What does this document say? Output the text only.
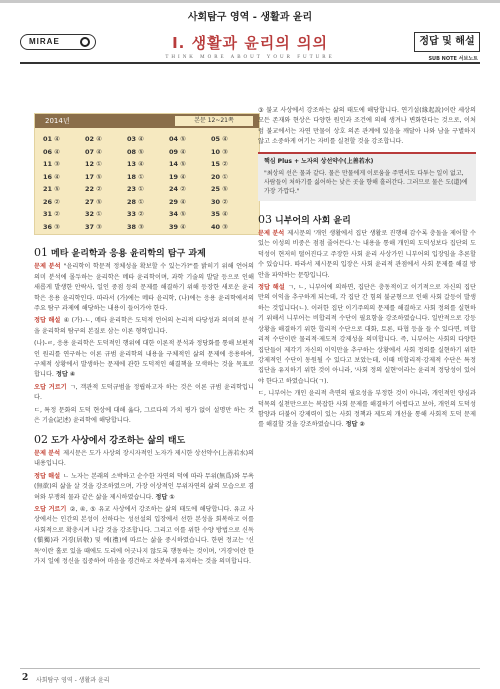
사회탐구 영역 - 생활과 윤리
MIRAE	I. 생활과 윤리의 의의	정답 및 해설
THINK MORE ABOUT YOUR FUTURE	SUB NOTE 서브노트
2014년	본문 12~21쪽
01 ④	02 ④	03 ④	04 ⑤	05 ④
06 ④	07 ④	08 ⑤	09 ④	10 ③
11 ③	12 ①	13 ④	14 ⑤	15 ②
16 ④	17 ⑤	18 ①	19 ④	20 ①
21 ⑤	22 ②	23 ①	24 ②	25 ⑤
26 ②	27 ⑤	28 ①	29 ④	30 ②
31 ②	32 ①	33 ②	34 ⑤	35 ④
36 ③	37 ③	38 ③	39 ④	40 ③
01 메타 윤리학과 응용 윤리학의 탐구 과제

문제 분석 "윤리학이 학문적 정체성을 확보할 수 있는가?"를 밝히기 위해 언어의 의미 분석에 몰두하는 윤리학은 메타 윤리학이며, 과학 기술의 발달 등으로 인해 새롭게 발생한 안락사, 일인 중점 등의 문제를 해결하기 위해 등장한 새로운 윤리학은 응용 윤리학인다. 따라서 (가)에는 메타 윤리학, (나)에는 응용 윤리학에서의 주요 탐구 과제에 해당하는 내용이 들어가야 한다.

정답 해설 ④ (가)-ㄴ, 메타 윤리학은 도덕적 언어의 논리적 타당성과 의미의 분석을 윤리학의 탐구의 본질로 삼는 이론 형학입니다.

(나)-ㄹ, 응용 윤리학은 도덕적인 행위에 대한 이론적 분석과 정당화를 통해 보편적인 원리를 연구하는 이론 규범 윤리학의 내용을 구체적인 삶의 문제에 응용하여, 구체적 상황에서 발생하는 문제에 관한 도덕적인 해결책을 모색하는 것을 목표로 합니다. 정답 ④

오답 거르기 ㄱ, 객관적 도덕규범을 정립하고자 하는 것은 이론 규범 윤리학입니다.

ㄷ, 특정 문화의 도덕 현상에 대해 옳다, 그르다의 가치 평가 없이 설명만 하는 것은 기술(記述) 윤리학에 해당합니다.

02 도가 사상에서 강조하는 삶의 태도

문제 분석 제시문은 도가 사상의 장시자적인 노자가 제시한 상선약수(上善若水)의 내용입니다.

정답 해설 ㄴ 노자는 본래의 소박하고 순수한 자연의 덕에 따라 무위(無爲)와 무욕(無欲)의 삶을 살 것을 강조하였으며, 가장 이상적인 무위자연의 삶의 모습으로 겸허와 부쟁의 물과 같은 삶을 제시하였습니다. 정답 ①

오답 거르기 ②, ④, ⑤ 유교 사상에서 강조하는 삶의 태도에 해당합니다. 유교 사상에서는 인간의 본성이 선하다는 성선설의 입장에서 선한 본성을 회복하고 이를 사회적으로 확충시켜 나갈 것을 강조합니다. 그리고 이를 위한 수양 방법으로 신독(愼獨)과 거경(居敬) 및 예(禮)에 따르는 삶을 중시하였습니다. 한편 정교는 '신독'이란 홀로 있을 때에도 도리에 어긋나지 않도록 행동하는 것이며, '거경'이란 한 가지 일에 정신을 집중하여 마음을 경건하고 차분하게 유지하는 것을 의미합니다.

③ 불교 사상에서 강조하는 삶의 태도에 해당합니다. 연기설(緣起說)이란 세상의 모든 존재와 현상은 다양한 원인과 조건에 의해 생겨나 변화한다는 것으로, 이처럼 불교에서는 자연 만물이 상호 의존 관계에 있음을 깨달아 나와 남을 구별하지 않고 소중하게 여기는 자비를 실천할 것을 강조합니다.

핵심 Plus + 노자의 상선약수(上善若水)
"최상의 선은 물과 같다. 물은 만물에게 이로움을 주면서도 다투는 일이 없고, 사람들이 처하기를 싫어하는 낮은 곳을 향해 흘러간다. 그러므로 물은 도(道)에 가장 가깝다."
03 니부어의 사회 윤리

문제 분석 제시문의 '개인 생활에서 집단 생활로 진행해 감수록 충돌을 제어할 수 있는 이성의 비중은 점점 줄어든다.'는 내용을 통해 개인의 도덕성보다 집단의 도덕성이 현저히 떨어진다고 주장한 사회 윤리 사상가인 니부어의 입장임을 추론할 수 있습니다. 따라서 제시문의 입장은 사회 윤리적 관점에서 사회 문제를 해결 방안을 파악하는 문항입니다.

정답 해설 ㄱ, ㄴ, 니부어에 의하면, 집단은 충동적이고 이기적으로 자신의 집단만의 이익을 추구하게 되는데, 각 집단 간 힘의 불균형으로 인해 사회 갈등이 발생하는 것입니다(ㄴ). 이러한 집단 이기주의의 문제를 해결하고 사회 정의를 실현하기 위해서 니부어는 비합리적 수단이 필요함을 강조하였습니다. 일반적으로 강등 상황을 해결하기 위한 합리적 수단으로 대화, 토론, 타협 등을 들 수 있다면, 비합리적 수단이란 물리적·제도적 강제성을 의미합니다. 즉, 니부어는 사회의 다양한 집단들이 제각기 자신의 이익만을 추구하는 상황에서 사회 정의를 실현하기 위한 강제적인 수단이 동원될 수 있다고 보았는데, 이때 비합리적·강제적 수단은 특정 집단을 유지하기 위한 것이 아니라, '사회 정의 실현'이라는 윤리적 정당성이 있어야 한다고 하였습니다(ㄱ).

ㄷ, 니부어는 개인 윤리적 측면의 필요성을 부정한 것이 아니라, 개인적인 양심과 덕목의 실천만으로는 복잡한 사회 문제를 해결하기 어렵다고 보아, 개인의 도덕성 함양과 더불어 강제력이 있는 사회 정책과 제도의 개선을 통해 사회적 도덕 문제를 해결할 것을 강조하였습니다. 정답 ②

2 사회탐구 영역 - 생활과 윤리
